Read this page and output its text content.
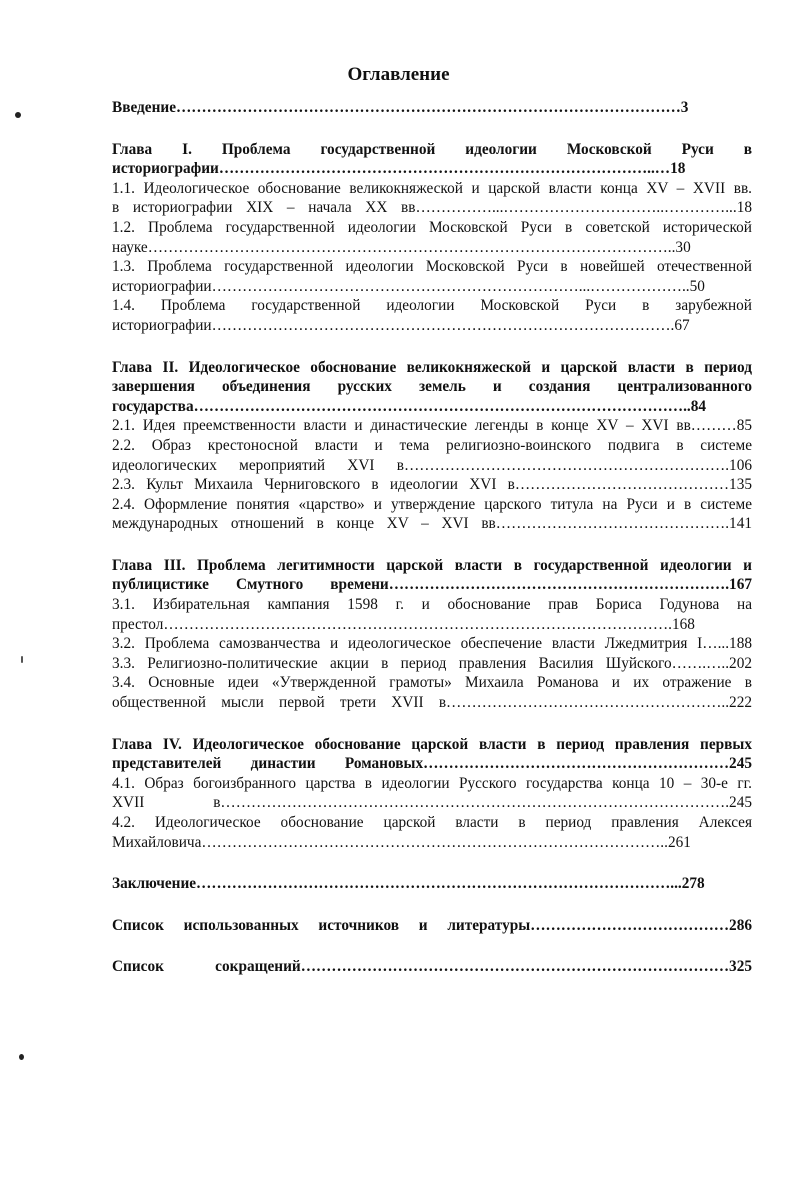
Оглавление
Введение………………………………………………………………………………………3
Глава I. Проблема государственной идеологии Московской Руси в
историографии…………………………………………………………………………..…18
1.1. Идеологическое обоснование великокняжеской и царской власти конца XV – XVII вв.
в историографии XIX – начала XX вв……………...…………………………..…………...18
1.2. Проблема государственной идеологии Московской Руси в советской исторической
науке…………………………………………………………………………………………..30
1.3. Проблема государственной идеологии Московской Руси в новейшей отечественной
историографии………………………………………………………………...………………..50
1.4. Проблема государственной идеологии Московской Руси в зарубежной
историографии……………………………………………………………………………….67
Глава II. Идеологическое обоснование великокняжеской и царской власти в период
завершения объединения русских земель и создания централизованного
государства……………………………………………………………………………………..84
2.1. Идея преемственности власти и династические легенды в конце XV – XVI вв………85
2.2. Образ крестоносной власти и тема религиозно-воинского подвига в системе
идеологических мероприятий XVI в……………………………………………………….106
2.3. Культ Михаила Черниговского в идеологии XVI в……………………………………135
2.4. Оформление понятия «царство» и утверждение царского титула на Руси и в системе
международных отношений в конце XV – XVI вв……………………………………….141
Глава III. Проблема легитимности царской власти в государственной идеологии и
публицистике Смутного времени………………………………………………………….167
3.1. Избирательная кампания 1598 г. и обоснование прав Бориса Годунова на
престол……………………………………………………………………………………….168
3.2. Проблема самозванчества и идеологическое обеспечение власти Лжедмитрия I…...188
3.3. Религиозно-политические акции в период правления Василия Шуйского…….…..202
3.4. Основные идеи «Утвержденной грамоты» Михаила Романова и их отражение в
общественной мысли первой трети XVII в………………………………………………..222
Глава IV. Идеологическое обоснование царской власти в период правления первых
представителей династии Романовых……………………………………………………245
4.1. Образ богоизбранного царства в идеологии Русского государства конца 10 – 30-е гг.
XVII в……………………………………………………………………………………….245
4.2. Идеологическое обоснование царской власти в период правления Алексея
Михайловича………………………………………………………………………………..261
Заключение…………………………………………………………………………………...278
Список использованных источников и литературы…………………………………286
Список сокращений…………………………………………………………………………325
